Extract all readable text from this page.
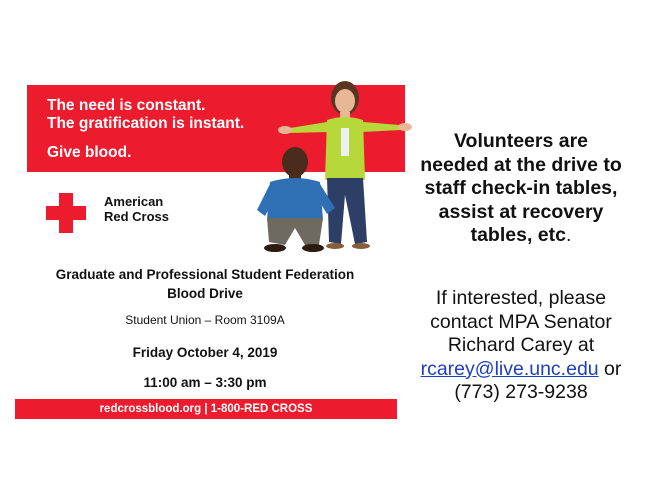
The need is constant.
The gratification is instant.
Give blood.
American
Red Cross
Graduate and Professional Student Federation
Blood Drive
Student Union – Room 3109A
Friday October 4, 2019
11:00 am – 3:30 pm
redcrossblood.org | 1-800-RED CROSS
Volunteers are
needed at the drive to
staff check-in tables,
assist at recovery
tables, etc.
If interested, please
contact MPA Senator
Richard Carey at
rcarey@live.unc.edu or
(773) 273-9238
